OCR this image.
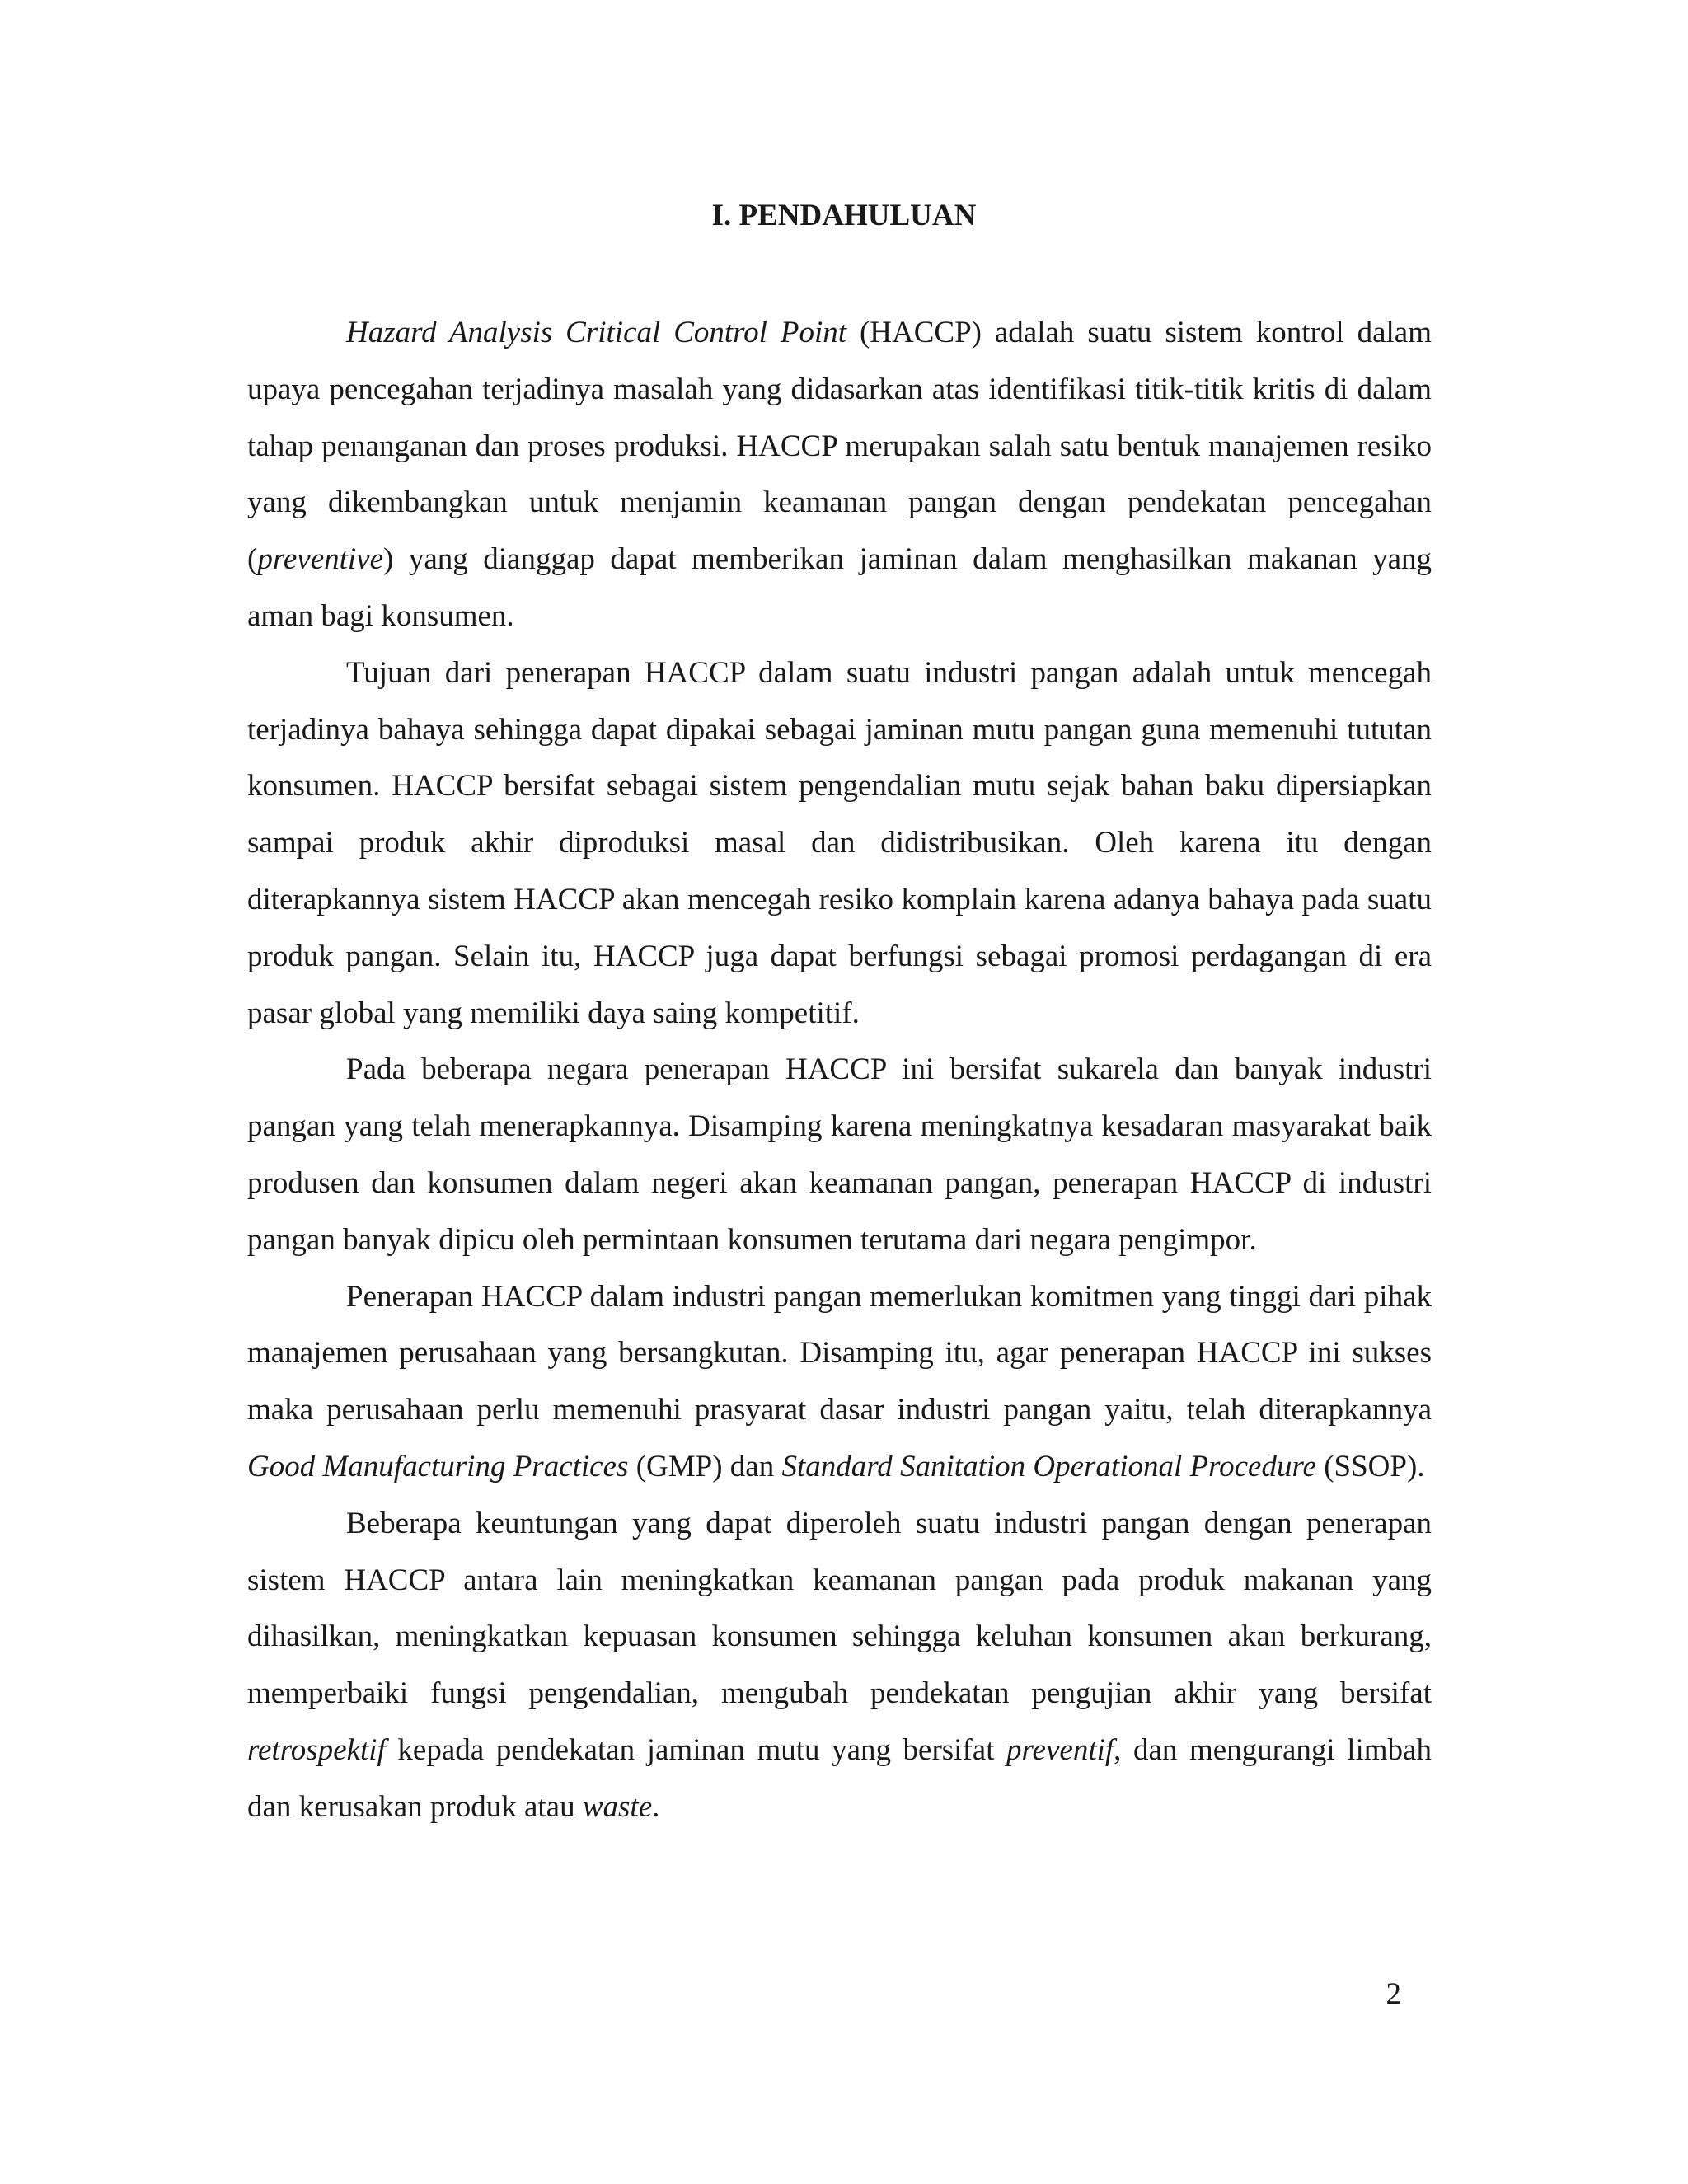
I. PENDAHULUAN

Hazard Analysis Critical Control Point (HACCP) adalah suatu sistem kontrol dalam upaya pencegahan terjadinya masalah yang didasarkan atas identifikasi titik-titik kritis di dalam tahap penanganan dan proses produksi. HACCP merupakan salah satu bentuk manajemen resiko yang dikembangkan untuk menjamin keamanan pangan dengan pendekatan pencegahan (preventive) yang dianggap dapat memberikan jaminan dalam menghasilkan makanan yang aman bagi konsumen.

Tujuan dari penerapan HACCP dalam suatu industri pangan adalah untuk mencegah terjadinya bahaya sehingga dapat dipakai sebagai jaminan mutu pangan guna memenuhi tututan konsumen. HACCP bersifat sebagai sistem pengendalian mutu sejak bahan baku dipersiapkan sampai produk akhir diproduksi masal dan didistribusikan. Oleh karena itu dengan diterapkannya sistem HACCP akan mencegah resiko komplain karena adanya bahaya pada suatu produk pangan. Selain itu, HACCP juga dapat berfungsi sebagai promosi perdagangan di era pasar global yang memiliki daya saing kompetitif.

Pada beberapa negara penerapan HACCP ini bersifat sukarela dan banyak industri pangan yang telah menerapkannya. Disamping karena meningkatnya kesadaran masyarakat baik produsen dan konsumen dalam negeri akan keamanan pangan, penerapan HACCP di industri pangan banyak dipicu oleh permintaan konsumen terutama dari negara pengimpor.

Penerapan HACCP dalam industri pangan memerlukan komitmen yang tinggi dari pihak manajemen perusahaan yang bersangkutan. Disamping itu, agar penerapan HACCP ini sukses maka perusahaan perlu memenuhi prasyarat dasar industri pangan yaitu, telah diterapkannya Good Manufacturing Practices (GMP) dan Standard Sanitation Operational Procedure (SSOP).

Beberapa keuntungan yang dapat diperoleh suatu industri pangan dengan penerapan sistem HACCP antara lain meningkatkan keamanan pangan pada produk makanan yang dihasilkan, meningkatkan kepuasan konsumen sehingga keluhan konsumen akan berkurang, memperbaiki fungsi pengendalian, mengubah pendekatan pengujian akhir yang bersifat retrospektif kepada pendekatan jaminan mutu yang bersifat preventif, dan mengurangi limbah dan kerusakan produk atau waste.

2
